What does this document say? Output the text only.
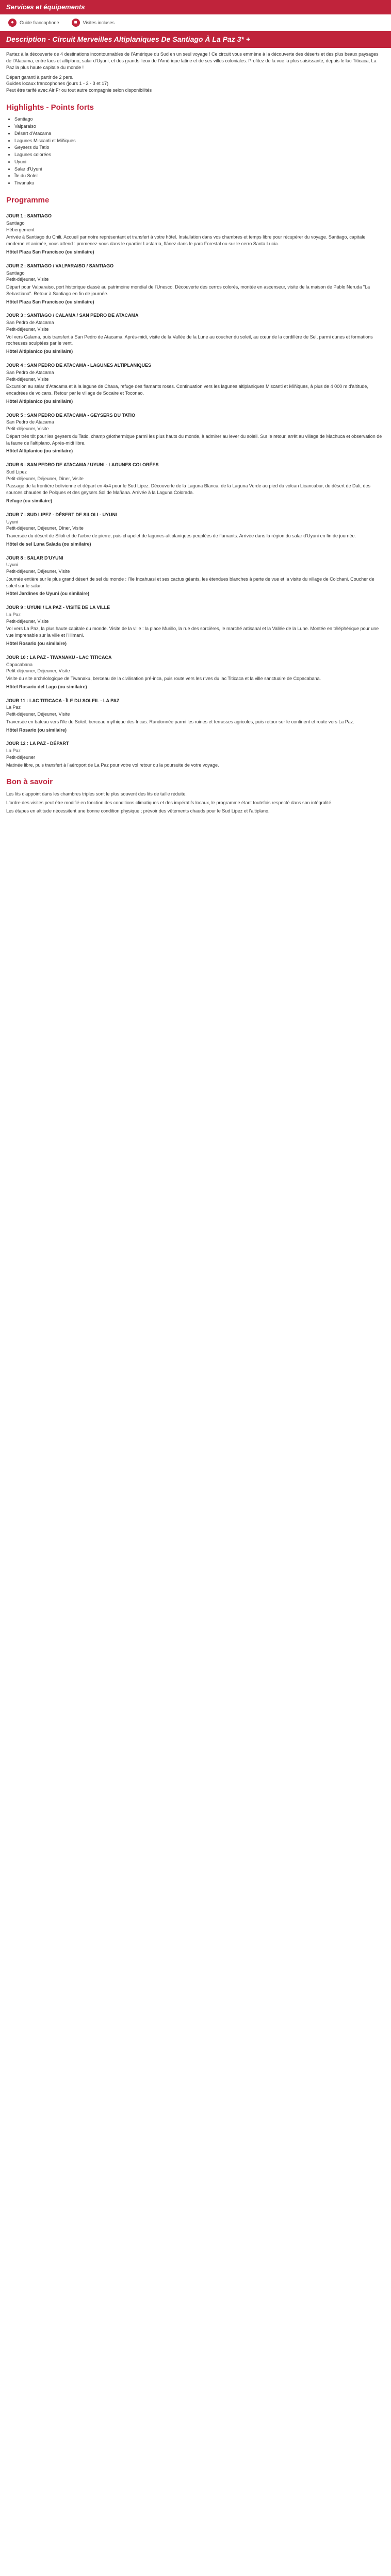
Services et équipements
●	Guide francophone	■	Visites incluses
Description - Circuit Merveilles Altiplaniques De Santiago À La Paz 3* +

Partez à la découverte de 4 destinations incontournables de l'Amérique du Sud en un seul voyage ! Ce circuit vous emmène à la découverte des déserts et des plus beaux paysages de l'Atacama, entre lacs et altiplano, salar d'Uyuni, et des grands lieux de l'Amérique latine et de ses villes coloniales. Profitez de la vue la plus saisissante, depuis le lac Titicaca, La Paz la plus haute capitale du monde !

Départ garanti à partir de 2 pers.
Guides locaux francophones (jours 1 - 2 - 3 et 17)
Peut être tarifé avec Air Fr ou tout autre compagnie selon disponibilités

Highlights - Points forts
• Santiago
• Valparaiso
• Désert d'Atacama
• Lagunes Miscanti et Miñiques
• Geysers du Tatio
• Lagunes colorées
• Uyuni
• Salar d'Uyuni
• Île du Soleil
• Tiwanaku
Programme
JOUR 1 : SANTIAGO
Santiago
Hébergement
Arrivée à Santiago du Chili. Accueil par notre représentant et transfert à votre hôtel. Installation dans vos chambres et temps libre pour récupérer du voyage. Santiago, capitale moderne et animée, vous attend : promenez-vous dans le quartier Lastarria, flânez dans le parc Forestal ou sur le cerro Santa Lucia.
Hôtel Plaza San Francisco (ou similaire)
JOUR 2 : SANTIAGO / VALPARAISO / SANTIAGO
Santiago
Petit-déjeuner, Visite
Départ pour Valparaiso, port historique classé au patrimoine mondial de l'Unesco. Découverte des cerros colorés, montée en ascenseur, visite de la maison de Pablo Neruda "La Sebastiana". Retour à Santiago en fin de journée.
Hôtel Plaza San Francisco (ou similaire)
JOUR 3 : SANTIAGO / CALAMA / SAN PEDRO DE ATACAMA
San Pedro de Atacama
Petit-déjeuner, Visite
Vol vers Calama, puis transfert à San Pedro de Atacama. Après-midi, visite de la Vallée de la Lune au coucher du soleil, au cœur de la cordillère de Sel, parmi dunes et formations rocheuses sculptées par le vent.
Hôtel Altiplanico (ou similaire)
JOUR 4 : SAN PEDRO DE ATACAMA - LAGUNES ALTIPLANIQUES
San Pedro de Atacama
Petit-déjeuner, Visite
Excursion au salar d'Atacama et à la lagune de Chaxa, refuge des flamants roses. Continuation vers les lagunes altiplaniques Miscanti et Miñiques, à plus de 4 000 m d'altitude, encadrées de volcans. Retour par le village de Socaire et Toconao.
Hôtel Altiplanico (ou similaire)
JOUR 5 : SAN PEDRO DE ATACAMA - GEYSERS DU TATIO
San Pedro de Atacama
Petit-déjeuner, Visite
Départ très tôt pour les geysers du Tatio, champ géothermique parmi les plus hauts du monde, à admirer au lever du soleil. Sur le retour, arrêt au village de Machuca et observation de la faune de l'altiplano. Après-midi libre.
Hôtel Altiplanico (ou similaire)
JOUR 6 : SAN PEDRO DE ATACAMA / UYUNI - LAGUNES COLORÉES
Sud Lipez
Petit-déjeuner, Déjeuner, Dîner, Visite
Passage de la frontière bolivienne et départ en 4x4 pour le Sud Lipez. Découverte de la Laguna Blanca, de la Laguna Verde au pied du volcan Licancabur, du désert de Dali, des sources chaudes de Polques et des geysers Sol de Mañana. Arrivée à la Laguna Colorada.
Refuge (ou similaire)
JOUR 7 : SUD LIPEZ - DÉSERT DE SILOLI - UYUNI
Uyuni
Petit-déjeuner, Déjeuner, Dîner, Visite
Traversée du désert de Siloli et de l'arbre de pierre, puis chapelet de lagunes altiplaniques peuplées de flamants. Arrivée dans la région du salar d'Uyuni en fin de journée.
Hôtel de sel Luna Salada (ou similaire)
JOUR 8 : SALAR D'UYUNI
Uyuni
Petit-déjeuner, Déjeuner, Visite
Journée entière sur le plus grand désert de sel du monde : l'île Incahuasi et ses cactus géants, les étendues blanches à perte de vue et la visite du village de Colchani. Coucher de soleil sur le salar.
Hôtel Jardines de Uyuni (ou similaire)
JOUR 9 : UYUNI / LA PAZ - VISITE DE LA VILLE
La Paz
Petit-déjeuner, Visite
Vol vers La Paz, la plus haute capitale du monde. Visite de la ville : la place Murillo, la rue des sorcières, le marché artisanal et la Vallée de la Lune. Montée en téléphérique pour une vue imprenable sur la ville et l'Illimani.
Hôtel Rosario (ou similaire)
JOUR 10 : LA PAZ - TIWANAKU - LAC TITICACA
Copacabana
Petit-déjeuner, Déjeuner, Visite
Visite du site archéologique de Tiwanaku, berceau de la civilisation pré-inca, puis route vers les rives du lac Titicaca et la ville sanctuaire de Copacabana.
Hôtel Rosario del Lago (ou similaire)
JOUR 11 : LAC TITICACA - ÎLE DU SOLEIL - LA PAZ
La Paz
Petit-déjeuner, Déjeuner, Visite
Traversée en bateau vers l'île du Soleil, berceau mythique des Incas. Randonnée parmi les ruines et terrasses agricoles, puis retour sur le continent et route vers La Paz.
Hôtel Rosario (ou similaire)
JOUR 12 : LA PAZ - DÉPART
La Paz
Petit-déjeuner
Matinée libre, puis transfert à l'aéroport de La Paz pour votre vol retour ou la poursuite de votre voyage.
Bon à savoir

Les lits d'appoint dans les chambres triples sont le plus souvent des lits de taille réduite.

L'ordre des visites peut être modifié en fonction des conditions climatiques et des impératifs locaux, le programme étant toutefois respecté dans son intégralité.

Les étapes en altitude nécessitent une bonne condition physique ; prévoir des vêtements chauds pour le Sud Lipez et l'altiplano.
